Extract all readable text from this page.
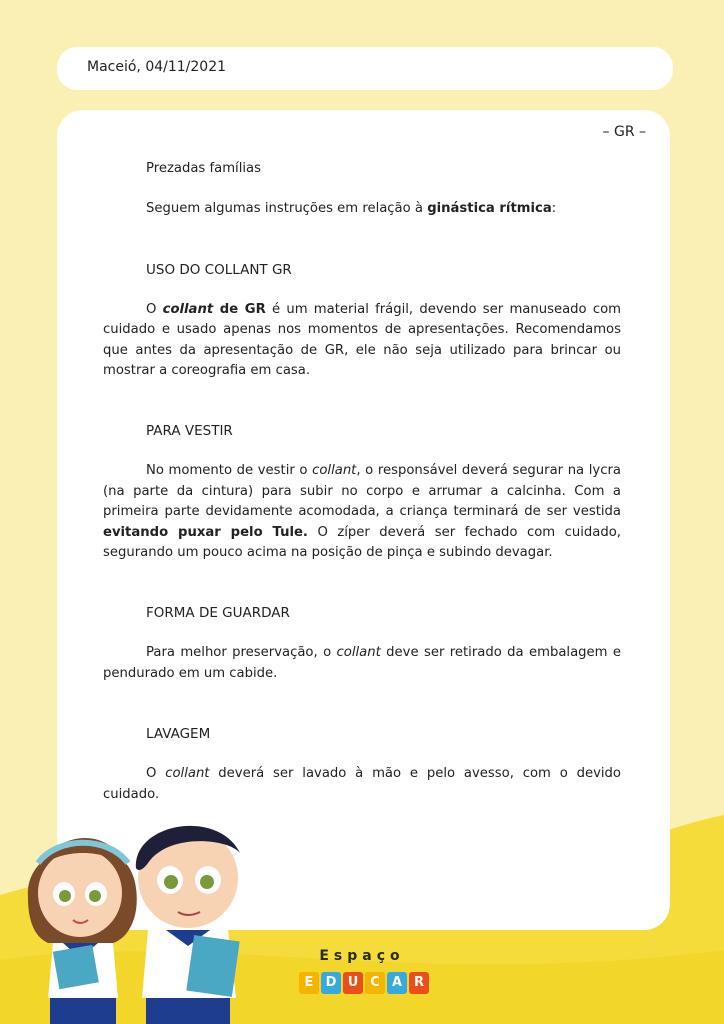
Maceió, 04/11/2021
– GR –

Prezadas famílias

Seguem algumas instruções em relação à ginástica rítmica:

USO DO COLLANT GR

O collant de GR é um material frágil, devendo ser manuseado com cuidado e usado apenas nos momentos de apresentações. Recomendamos que antes da apresentação de GR, ele não seja utilizado para brincar ou mostrar a coreografia em casa.

PARA VESTIR

No momento de vestir o collant, o responsável deverá segurar na lycra (na parte da cintura) para subir no corpo e arrumar a calcinha. Com a primeira parte devidamente acomodada, a criança terminará de ser vestida evitando puxar pelo Tule. O zíper deverá ser fechado com cuidado, segurando um pouco acima na posição de pinça e subindo devagar.

FORMA DE GUARDAR

Para melhor preservação, o collant deve ser retirado da embalagem e pendurado em um cabide.

LAVAGEM

O collant deverá ser lavado à mão e pelo avesso, com o devido cuidado.

Espaço
E D U C A R
